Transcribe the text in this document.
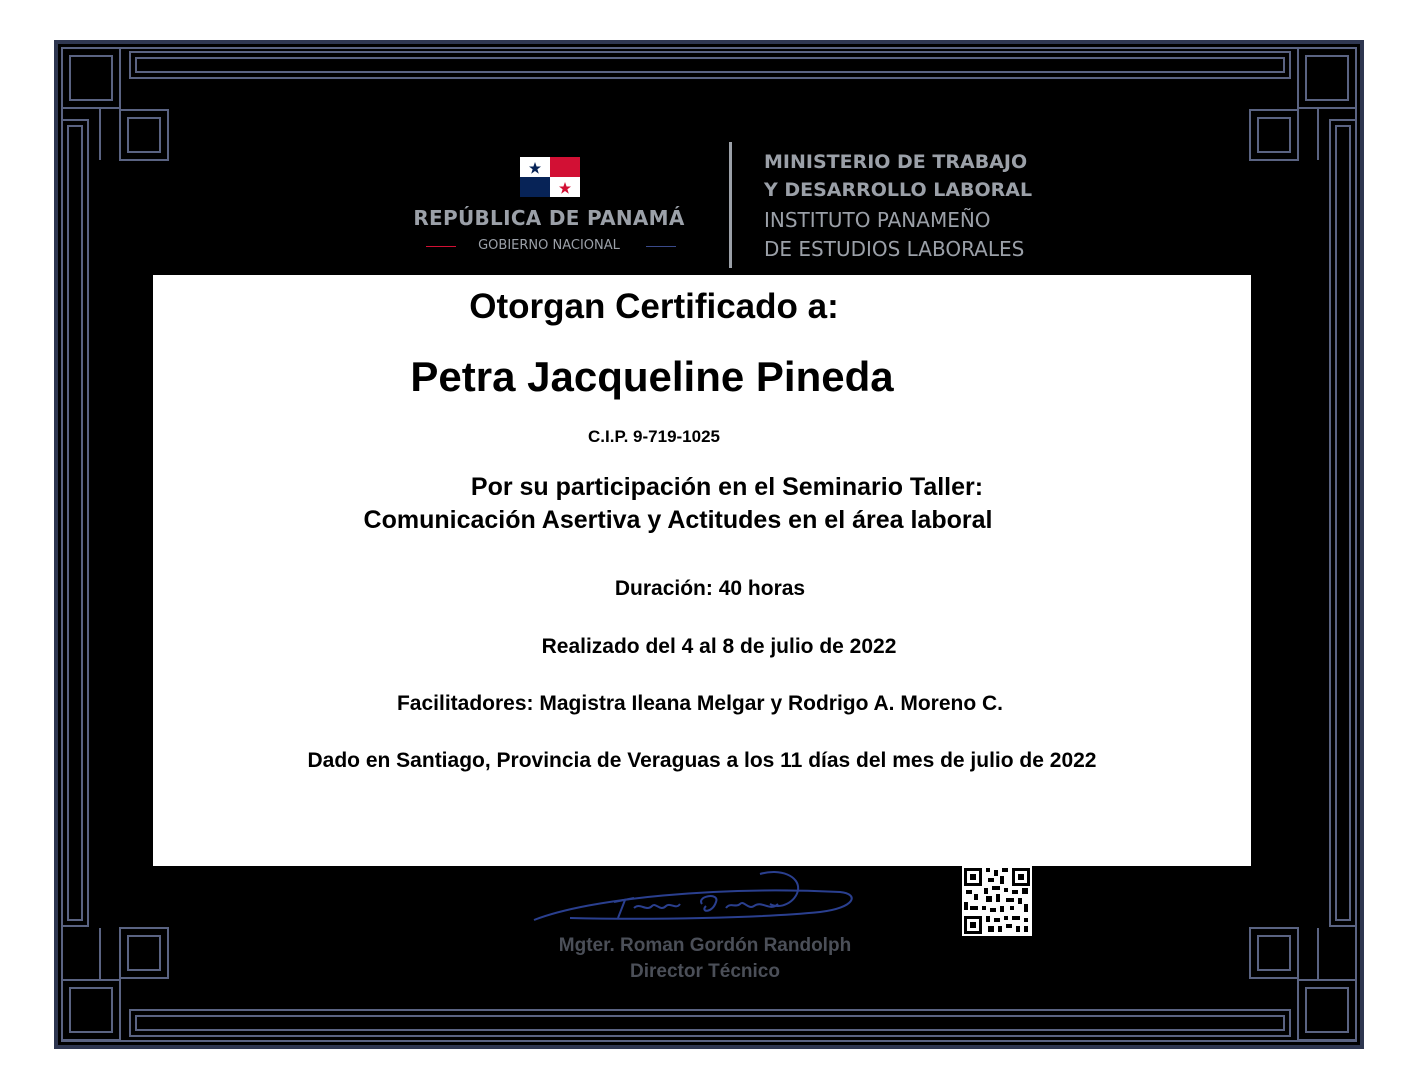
REPÚBLICA DE PANAMÁ
GOBIERNO NACIONAL
MINISTERIO DE TRABAJO
Y DESARROLLO LABORAL
INSTITUTO PANAMEÑO
DE ESTUDIOS LABORALES
Otorgan Certificado a:
Petra Jacqueline Pineda
C.I.P. 9-719-1025
Por su participación en el Seminario Taller:
Comunicación Asertiva y Actitudes en el área laboral
Duración: 40 horas
Realizado del 4 al 8 de julio de 2022
Facilitadores: Magistra Ileana Melgar y Rodrigo A. Moreno C.
Dado en Santiago, Provincia de Veraguas a los 11 días del mes de julio de 2022
Mgter. Roman Gordón Randolph
Director Técnico
